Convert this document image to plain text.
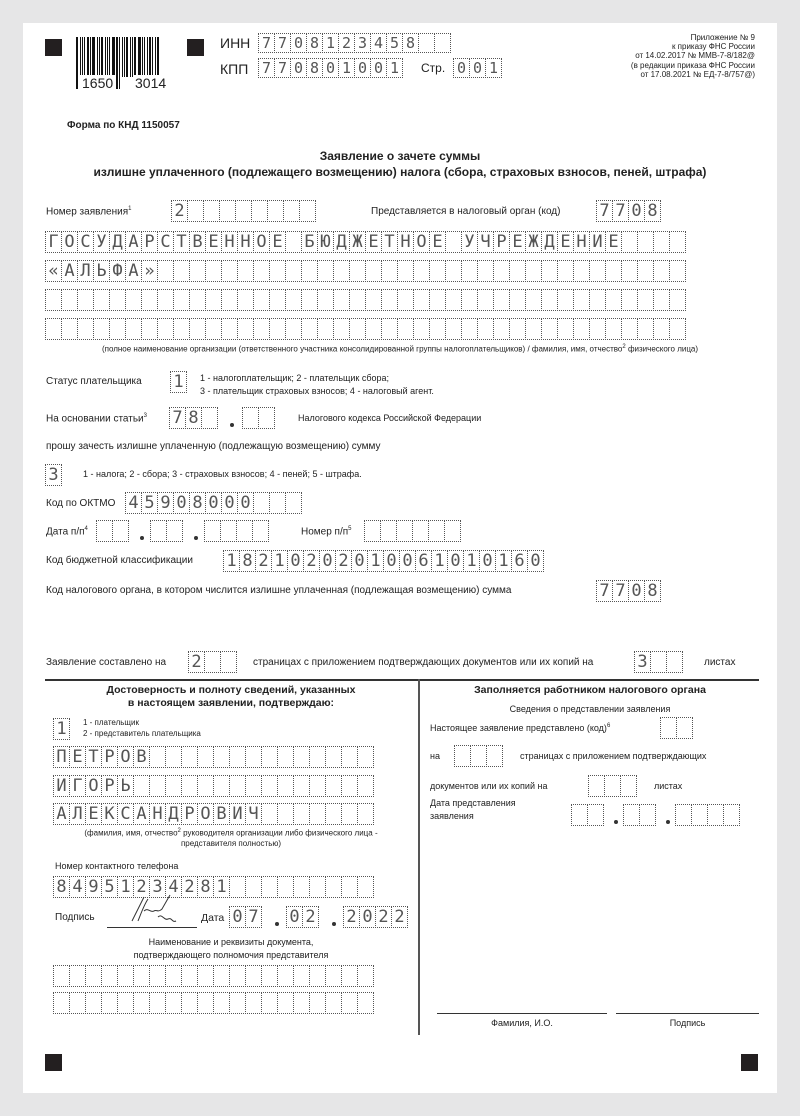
1650 3014
ИНН 7 7 0 8 1 2 3 4 5 8
КПП 7 7 0 8 0 1 0 0 1	Стр. 0 0 1
Приложение № 9
к приказу ФНС России
от 14.02.2017 № ММВ-7-8/182@
(в редакции приказа ФНС России
от 17.08.2021 № ЕД-7-8/757@)
Форма по КНД 1150057
Заявление о зачете суммы
излишне уплаченного (подлежащего возмещению) налога (сбора, страховых взносов, пеней, штрафа)
Номер заявления$^1$	2	Представляется в налоговый орган (код) 7 7 0 8
Г О С У Д А Р С Т В Е Н Н О Е Б Ю Д Ж Е Т Н О Е У Ч Р Е Ж Д Е Н И Е
« А Л Ь Ф А »
(полное наименование организации (ответственного участника консолидированной группы налогоплательщиков) / фамилия, имя, отчество$^2$ физического лица)
Статус плательщика 1	1 - налогоплательщик; 2 - плательщик сбора;
3 - плательщик страховых взносов; 4 - налоговый агент.
На основании статьи$^3$ 7 8	Налогового кодекса Российской Федерации
прошу зачесть излишне уплаченную (подлежащую возмещению) сумму
3	1 - налога; 2 - сбора; 3 - страховых взносов; 4 - пеней; 5 - штрафа.
Код по ОКТМО 4 5 9 0 8 0 0 0
Дата $п/п^4$	Номер $п/п^5$
Код бюджетной классификации 1 8 2 1 0 2 0 2 0 1 0 0 6 1 0 1 0 1 6 0
Код налогового органа, в котором числится излишне уплаченная (подлежащая возмещению) сумма	7 7 0 8
Заявление составлено на 2	страницах с приложением подтверждающих документов или их копий на	3	листах
Достоверность и полноту сведений, указанных
в настоящем заявлении, подтверждаю:
1	1 - плательщик
2 - представитель плательщика
П Е Т Р О В
И Г О Р Ь
А Л Е К С А Н Д Р О В И Ч
(фамилия, имя, отчество$^2$ руководителя организации либо физического лица -
представителя полностью)
Номер контактного телефона
8 4 9 5 1 2 3 4 2 8 1
Подпись	Дата 0 7 0 2 2 0 2 2
Наименование и реквизиты документа,
подтверждающего полномочия представителя
Заполняется работником налогового органа
Сведения о представлении заявления
Настоящее заявление представлено (код)$^6$
на	страницах с приложением подтверждающих
документов или их копий на	листах
Дата представления
заявления
Фамилия, И.О.	Подпись
